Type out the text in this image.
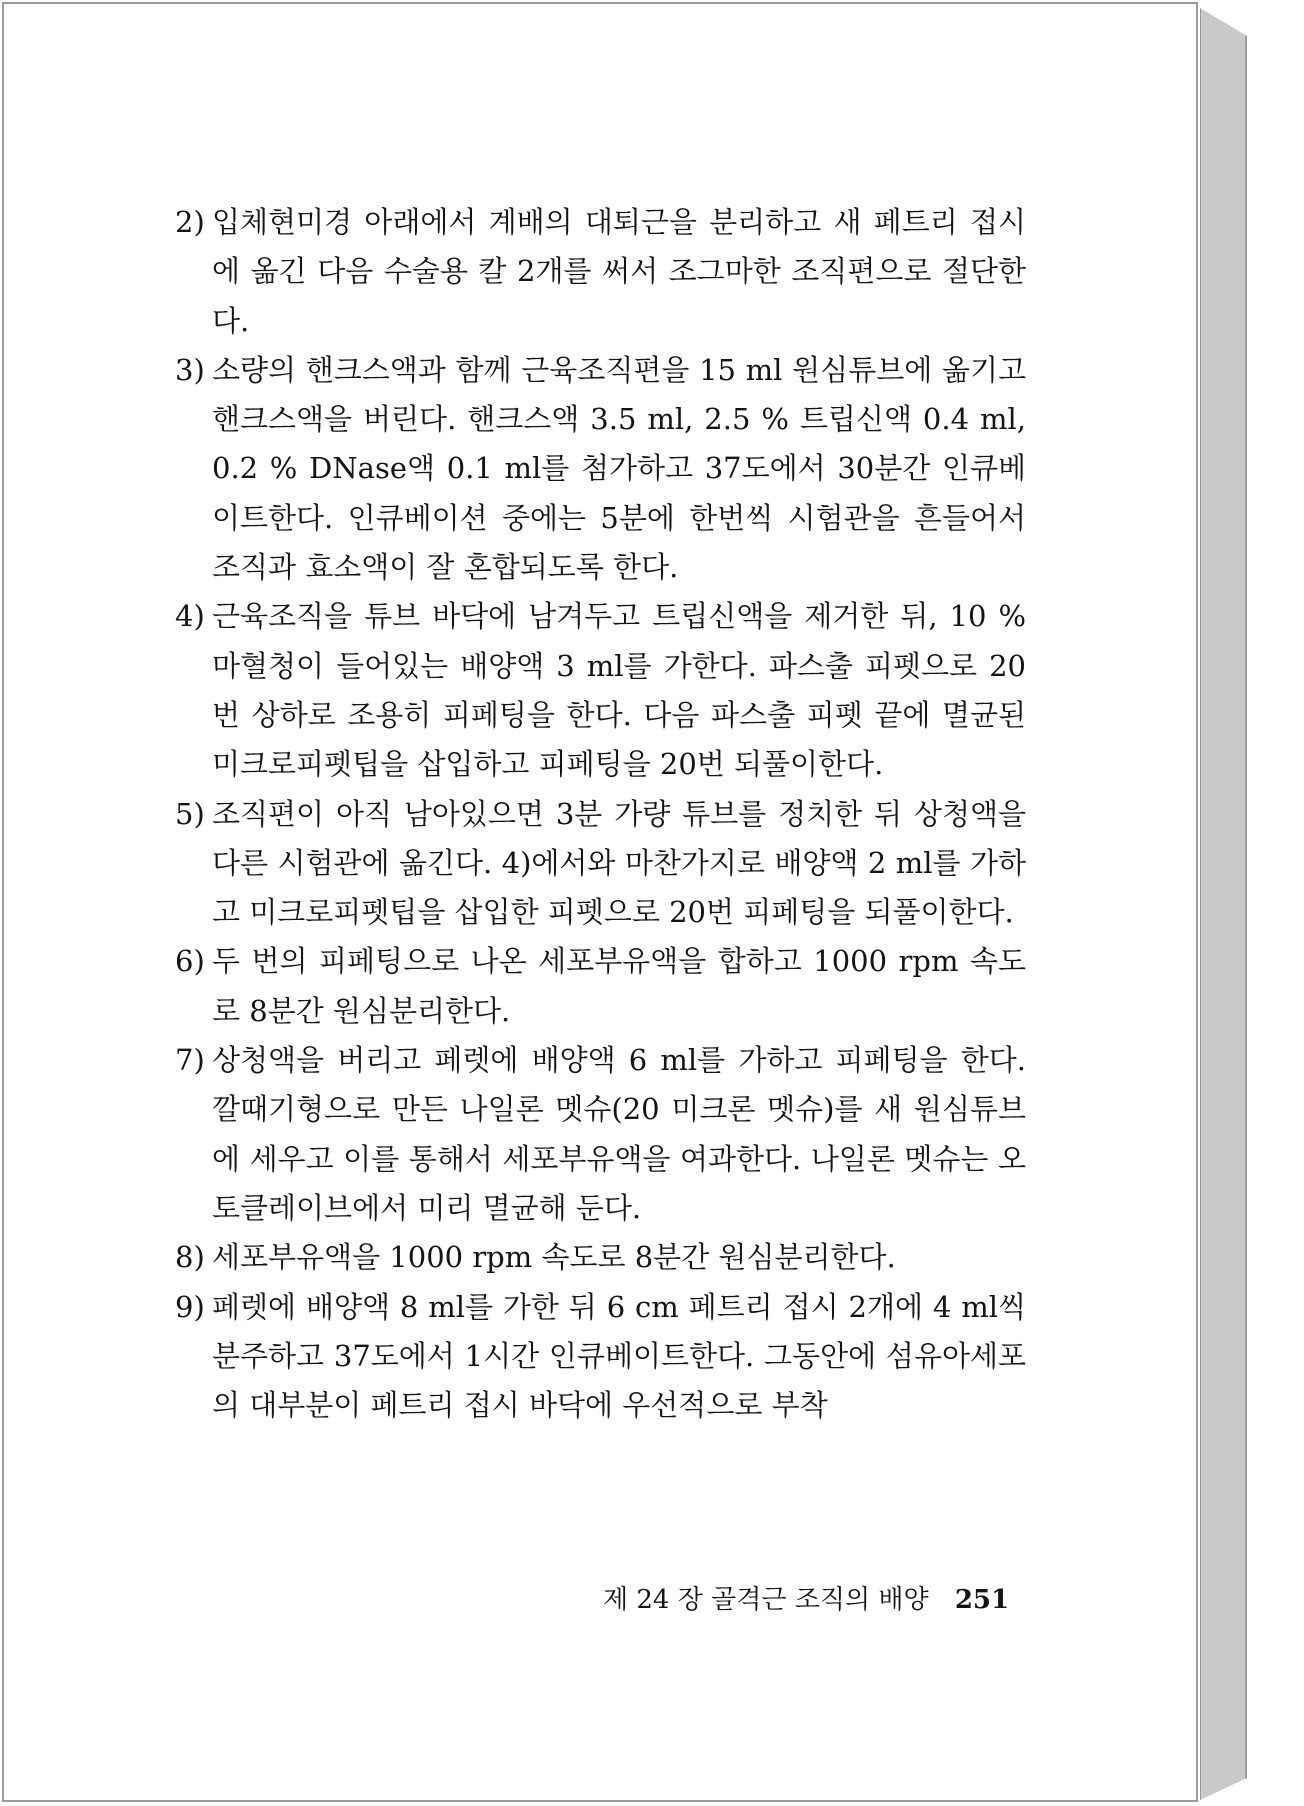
2) 입체현미경 아래에서 계배의 대퇴근을 분리하고 새 페트리 접시에 옮긴 다음 수술용 칼 2개를 써서 조그마한 조직편으로 절단한다.
3) 소량의 핸크스액과 함께 근육조직편을 15 ml 원심튜브에 옮기고 핸크스액을 버린다. 핸크스액 3.5 ml, 2.5 % 트립신액 0.4 ml, 0.2 % DNase액 0.1 ml를 첨가하고 37도에서 30분간 인큐베이트한다. 인큐베이션 중에는 5분에 한번씩 시험관을 흔들어서 조직과 효소액이 잘 혼합되도록 한다.
4) 근육조직을 튜브 바닥에 남겨두고 트립신액을 제거한 뒤, 10 % 마혈청이 들어있는 배양액 3 ml를 가한다. 파스출 피펫으로 20번 상하로 조용히 피페팅을 한다. 다음 파스출 피펫 끝에 멸균된 미크로피펫팁을 삽입하고 피페팅을 20번 되풀이한다.
5) 조직편이 아직 남아있으면 3분 가량 튜브를 정치한 뒤 상청액을 다른 시험관에 옮긴다. 4)에서와 마찬가지로 배양액 2 ml를 가하고 미크로피펫팁을 삽입한 피펫으로 20번 피페팅을 되풀이한다.
6) 두 번의 피페팅으로 나온 세포부유액을 합하고 1000 rpm 속도로 8분간 원심분리한다.
7) 상청액을 버리고 페렛에 배양액 6 ml를 가하고 피페팅을 한다. 깔때기형으로 만든 나일론 멧슈(20 미크론 멧슈)를 새 원심튜브에 세우고 이를 통해서 세포부유액을 여과한다. 나일론 멧슈는 오토클레이브에서 미리 멸균해 둔다.
8) 세포부유액을 1000 rpm 속도로 8분간 원심분리한다.
9) 페렛에 배양액 8 ml를 가한 뒤 6 cm 페트리 접시 2개에 4 ml씩 분주하고 37도에서 1시간 인큐베이트한다. 그동안에 섬유아세포의 대부분이 페트리 접시 바닥에 우선적으로 부착
제 24 장 골격근 조직의 배양 251
